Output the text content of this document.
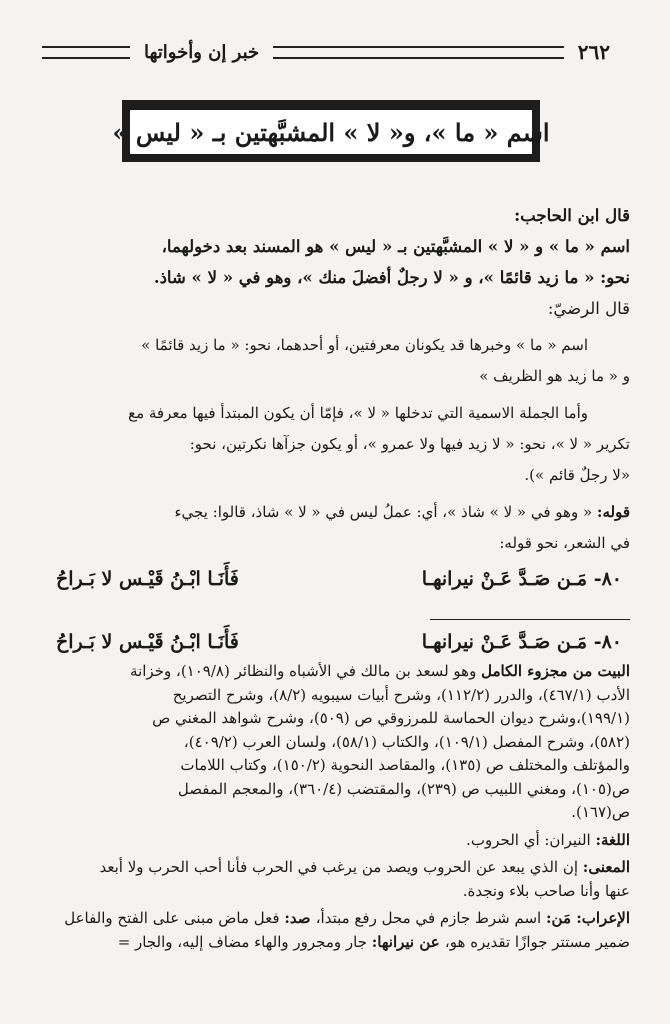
٢٦٢
خبر إن وأخواتها
اسم « ما »، و« لا » المشبَّهتين بـ « ليس »

قال ابن الحاجب:

اسم « ما » و « لا » المشبَّهتين بـ « ليس » هو المسند بعد دخولهما،

نحو: « ما زيد قائمًا »، و « لا رجلٌ أفضلَ منك »، وهو في « لا » شاذ.

قال الرضيّ:

اسم « ما » وخبرها قد يكونان معرفتين، أو أحدهما، نحو: « ما زيد قائمًا »

و « ما زيد هو الظريف »

وأما الجملة الاسمية التي تدخلها « لا »، فإمّا أن يكون المبتدأ فيها معرفة مع

تكرير « لا »، نحو: « لا زيد فيها ولا عمرو »، أو يكون جزآها نكرتين، نحو:

«لا رجلٌ قائم »).

قوله: « وهو في « لا » شاذ »، أي: عملُ ليس في « لا » شاذ، قالوا: يجيء

في الشعر، نحو قوله:

٨٠- مَـن صَـدَّ عَـنْ نيرانهـا
فَأَنَـا ابْـنُ قَيْـس لا بَـراحُ
٨٠- مَـن صَـدَّ عَـنْ نيرانهـا
فَأَنَـا ابْـنُ قَيْـس لا بَـراحُ

البيت من مجزوء الكامل وهو لسعد بن مالك في الأشباه والنظائر (١٠٩/٨)، وخزانة

الأدب (٤٦٧/١)، والدرر (١١٢/٢)، وشرح أبيات سيبويه (٨/٢)، وشرح التصريح

(١٩٩/١)،وشرح ديوان الحماسة للمرزوقي ص (٥٠٩)، وشرح شواهد المغني ص

(٥٨٢)، وشرح المفصل (١٠٩/١)، والكتاب (٥٨/١)، ولسان العرب (٤٠٩/٢)،

والمؤتلف والمختلف ص (١٣٥)، والمقاصد النحوية (١٥٠/٢)، وكتاب اللامات

ص(١٠٥)، ومغني اللبيب ص (٢٣٩)، والمقتضب (٣٦٠/٤)، والمعجم المفصل

ص(١٦٧).

اللغة: النيران: أي الحروب.

المعنى: إن الذي يبعد عن الحروب ويصد من يرغب في الحرب فأنا أحب الحرب ولا أبعد

عنها وأنا صاحب بلاء ونجدة.

الإعراب: مَن: اسم شرط جازم في محل رفع مبتدأ، صد: فعل ماض مبنى على الفتح والفاعل

ضمير مستتر جوازًا تقديره هو، عن نيرانها: جار ومجرور والهاء مضاف إليه، والجار =
